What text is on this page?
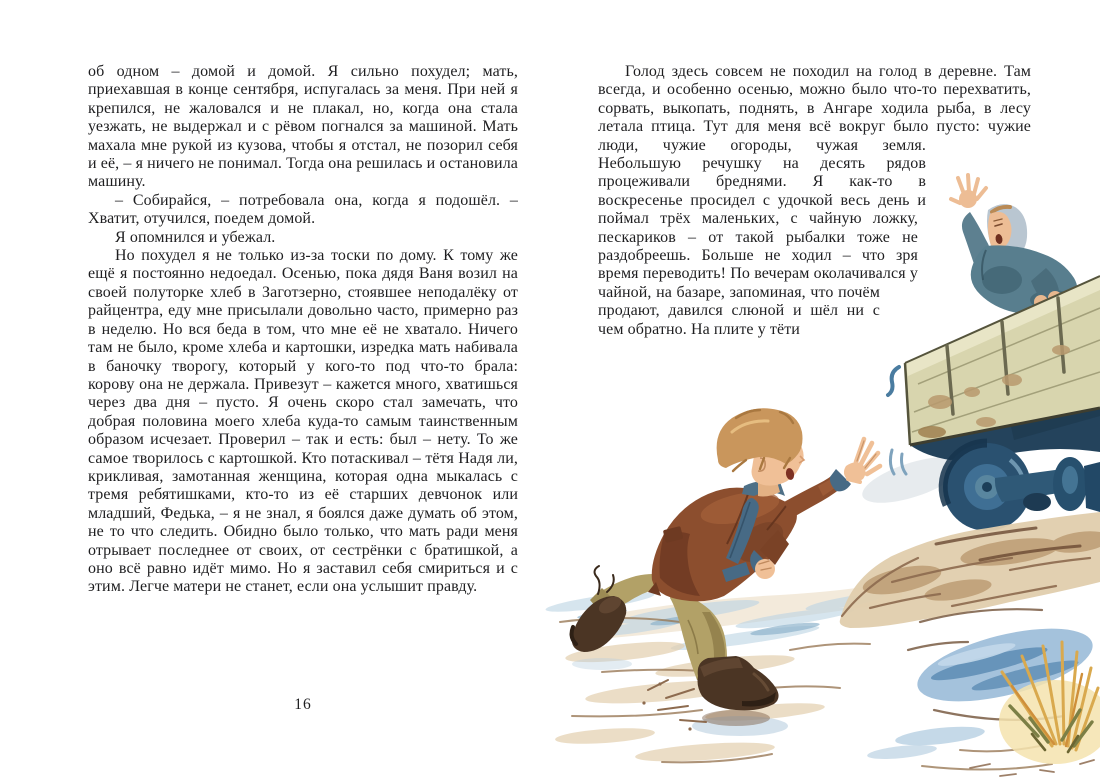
об одном – домой и домой. Я сильно похудел; мать, приехавшая в конце сентября, испугалась за меня. При ней я крепился, не жаловался и не плакал, но, когда она стала уезжать, не выдержал и с рёвом погнался за машиной. Мать махала мне рукой из кузова, чтобы я отстал, не позорил себя и её, – я ничего не понимал. Тогда она решилась и остановила машину.

– Собирайся, – потребовала она, когда я подошёл. – Хватит, отучился, поедем домой.

Я опомнился и убежал.

Но похудел я не только из-за тоски по дому. К тому же ещё я постоянно недоедал. Осенью, пока дядя Ваня возил на своей полуторке хлеб в Заготзерно, стоявшее неподалёку от райцентра, еду мне присылали довольно часто, примерно раз в неделю. Но вся беда в том, что мне её не хватало. Ничего там не было, кроме хлеба и картошки, изредка мать набивала в баночку творогу, который у кого-то под что-то брала: корову она не держала. Привезут – кажется много, хватишься через два дня – пусто. Я очень скоро стал замечать, что добрая половина моего хлеба куда-то самым таинственным образом исчезает. Проверил – так и есть: был – нету. То же самое творилось с картошкой. Кто потаскивал – тётя Надя ли, крикливая, замотанная женщина, которая одна мыкалась с тремя ребятишками, кто-то из её старших девчонок или младший, Федька, – я не знал, я боялся даже думать об этом, не то что следить. Обидно было только, что мать ради меня отрывает последнее от своих, от сестрёнки с братишкой, а оно всё равно идёт мимо. Но я заставил себя смириться и с этим. Легче матери не станет, если она услышит правду.

16

Голод здесь совсем не походил на голод в деревне. Там всегда, и особенно осенью, можно было что-то перехватить, сорвать, выкопать, поднять, в Ангаре ходила рыба, в лесу летала птица. Тут для меня всё вокруг было пусто: чужие люди, чужие огороды, чужая земля. Небольшую речушку на десять рядов процеживали бреднями. Я как-то в воскресенье просидел с удочкой весь день и поймал трёх маленьких, с чайную ложку, пескариков – от такой рыбалки тоже не раздобреешь. Больше не ходил – что зря время переводить! По вечерам околачивался у чайной, на базаре, запоминая, что почём продают, давился слюной и шёл ни с чем обратно. На плите у тёти
